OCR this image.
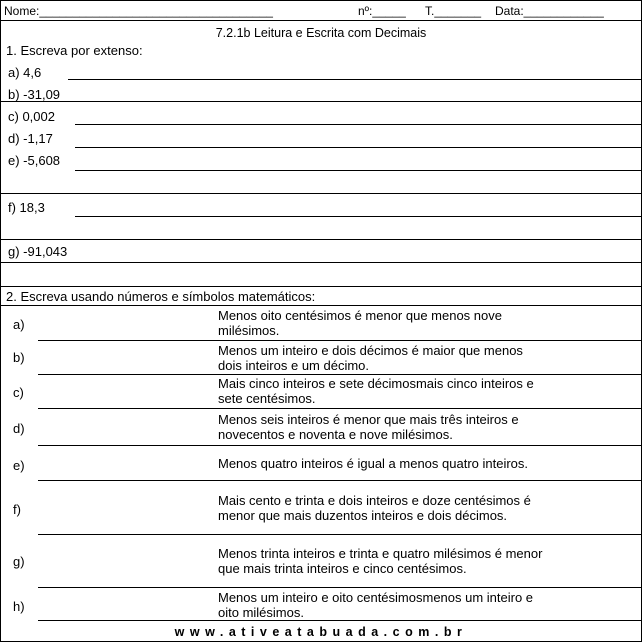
Nome:___________________________________	nº:_____ T._______ Data:____________
7.2.1b Leitura e Escrita com Decimais
1. Escreva por extenso:
a) 4,6
b) -31,09
c) 0,002
d) -1,17
e) -5,608
f) 18,3
g) -91,043
2. Escreva usando números e símbolos matemáticos:
a)
Menos oito centésimos é menor que menos nove
milésimos.
b)	Menos um inteiro e dois décimos é maior que menos
dois inteiros e um décimo.
c)
Mais cinco inteiros e sete décimosmais cinco inteiros e
sete centésimos.
d)
Menos seis inteiros é menor que mais três inteiros e
novecentos e noventa e nove milésimos.
e)	Menos quatro inteiros é igual a menos quatro inteiros.
f)
Mais cento e trinta e dois inteiros e doze centésimos é
menor que mais duzentos inteiros e dois décimos.
g)
Menos trinta inteiros e trinta e quatro milésimos é menor
que mais trinta inteiros e cinco centésimos.
h)
Menos um inteiro e oito centésimosmenos um inteiro e
oito milésimos.
www.ativeatabuada.com.br
